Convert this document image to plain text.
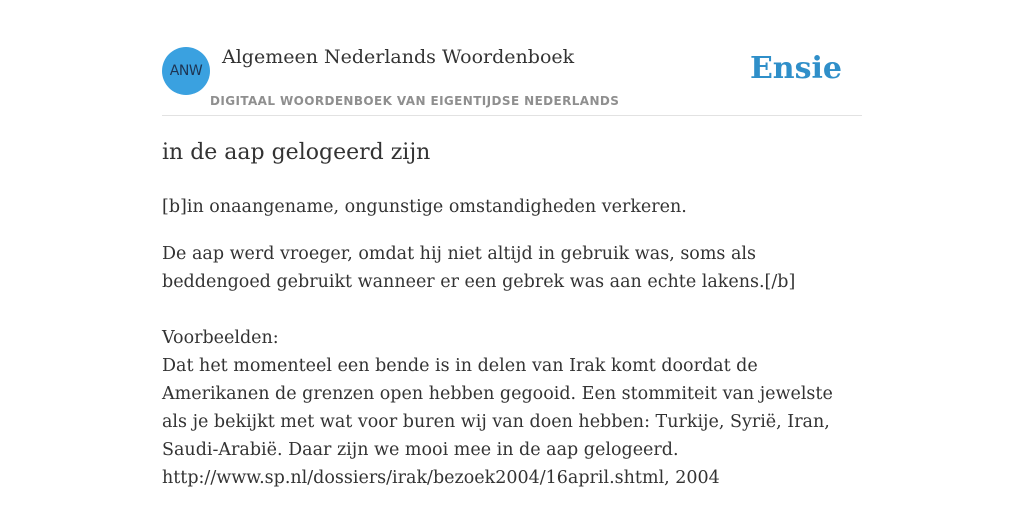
ANW
Algemeen Nederlands Woordenboek
DIGITAAL WOORDENBOEK VAN EIGENTIJDSE NEDERLANDS
Ensie
in de aap gelogeerd zijn

[b]in onaangename, ongunstige omstandigheden verkeren.

De aap werd vroeger, omdat hij niet altijd in gebruik was, soms als beddengoed gebruikt wanneer er een gebrek was aan echte lakens.[/b]

Voorbeelden:
Dat het momenteel een bende is in delen van Irak komt doordat de Amerikanen de grenzen open hebben gegooid. Een stommiteit van jewelste als je bekijkt met wat voor buren wij van doen hebben: Turkije, Syrië, Iran, Saudi-Arabië. Daar zijn we mooi mee in de aap gelogeerd.
http://www.sp.nl/dossiers/irak/bezoek2004/16april.shtml, 2004
